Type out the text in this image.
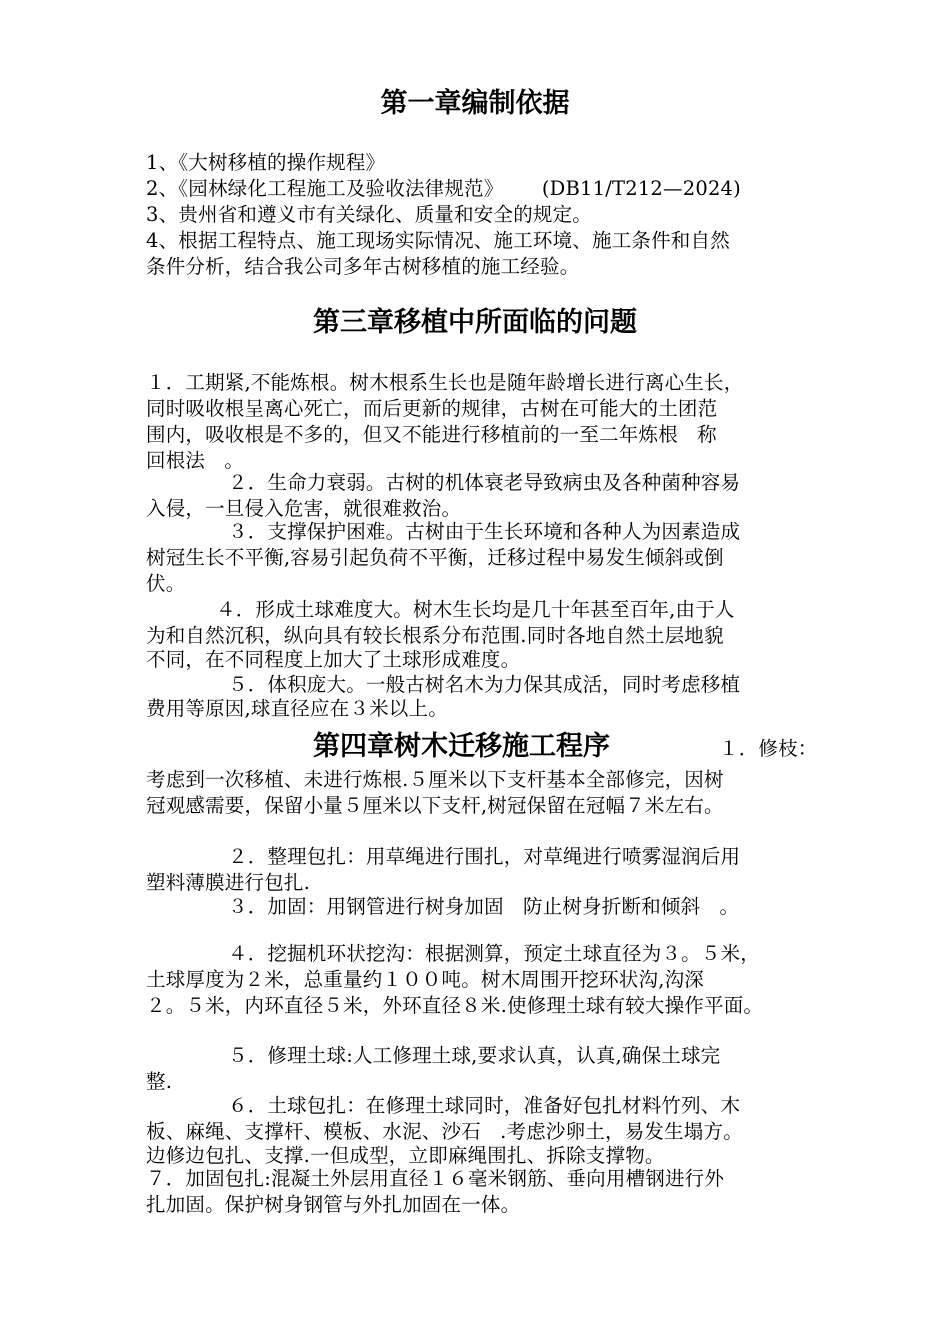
第一章编制依据
1、《大树移植的操作规程》
2、《园林绿化工程施工及验收法律规范》      (DB11/T212—2024)
3、贵州省和遵义市有关绿化、质量和安全的规定。
4、根据工程特点、施工现场实际情况、施工环境、施工条件和自然
条件分析，结合我公司多年古树移植的施工经验。
第三章移植中所面临的问题
１．工期紧,不能炼根。树木根系生长也是随年龄增长进行离心生长，
同时吸收根呈离心死亡，而后更新的规律，古树在可能大的土团范
围内，吸收根是不多的，但又不能进行移植前的一至二年炼根   称
回根法   。
２．生命力衰弱。古树的机体衰老导致病虫及各种菌种容易
入侵，一旦侵入危害，就很难救治。
３．支撑保护困难。古树由于生长环境和各种人为因素造成
树冠生长不平衡,容易引起负荷不平衡，迁移过程中易发生倾斜或倒
伏。
４．形成土球难度大。树木生长均是几十年甚至百年,由于人
为和自然沉积，纵向具有较长根系分布范围.同时各地自然土层地貌
不同，在不同程度上加大了土球形成难度。
５．体积庞大。一般古树名木为力保其成活，同时考虑移植
费用等原因,球直径应在３米以上。
第四章树木迁移施工程序	１．修枝：
考虑到一次移植、未进行炼根.５厘米以下支杆基本全部修完，因树
冠观感需要，保留小量５厘米以下支杆,树冠保留在冠幅７米左右。
２．整理包扎：用草绳进行围扎，对草绳进行喷雾湿润后用
塑料薄膜进行包扎.
３．加固：用钢管进行树身加固   防止树身折断和倾斜   。
４．挖掘机环状挖沟：根据测算，预定土球直径为３。５米，
土球厚度为２米，总重量约１００吨。树木周围开挖环状沟,沟深
２。５米，内环直径５米，外环直径８米.使修理土球有较大操作平面。
５．修理土球:人工修理土球,要求认真，认真,确保土球完
整.
６．土球包扎：在修理土球同时，准备好包扎材料竹列、木
板、麻绳、支撑杆、模板、水泥、沙石   .考虑沙卵土，易发生塌方。
边修边包扎、支撑.一但成型，立即麻绳围扎、拆除支撑物。
７．加固包扎:混凝土外层用直径１６毫米钢筋、垂向用槽钢进行外
扎加固。保护树身钢管与外扎加固在一体。
